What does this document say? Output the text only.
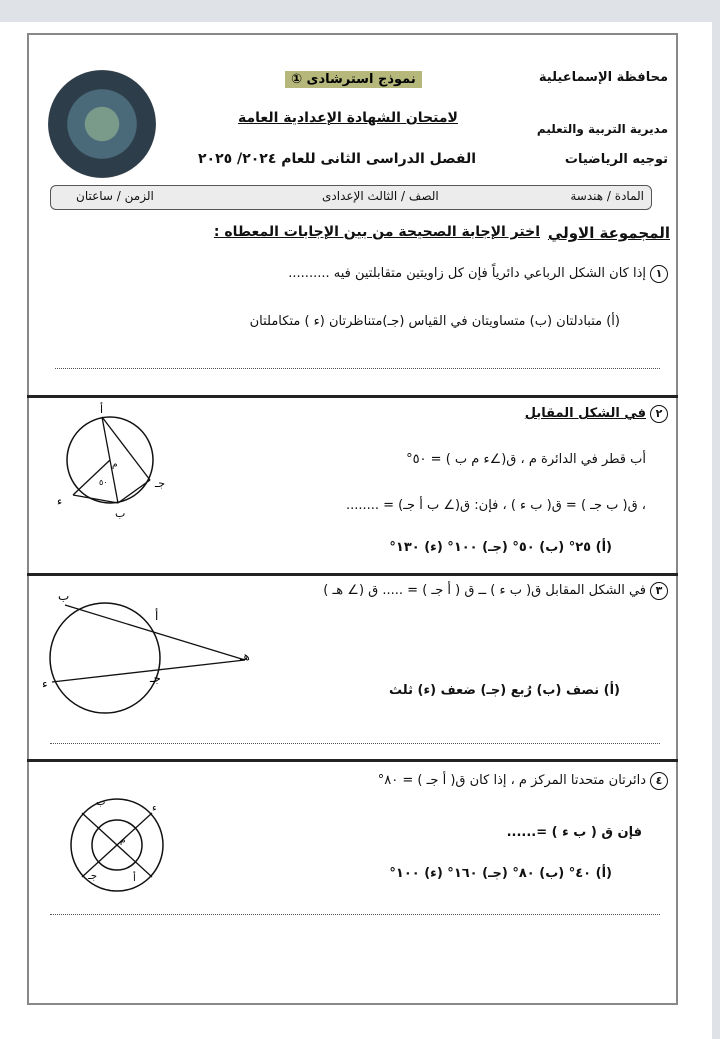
محافظة الإسماعيلية
مديرية التربية والتعليم
توجيه الرياضيات
نموذج استرشادى ①
لامتحان الشهادة الإعدادية العامة
الفصل الدراسى الثانى للعام ٢٠٢٤/ ٢٠٢٥
المادة / هندسة
الصف / الثالث الإعدادى
الزمن / ساعتان
المجموعة الاولي
اختر الإجابة الصحيحة من بين الإجابات المعطاه :
١إذا كان الشكل الرباعي دائرياً فإن كل زاويتين متقابلتين فيه ..........
(أ) متبادلتان (ب) متساويتان في القياس (جـ)متناظرتان (ء ) متكاملتان
٢في الشكل المقابل
أب قطر في الدائرة م ، ق(∠ء م ب ) = ٥٠°
، ق( ب جـ ) = ق( ب ء ) ، فإن: ق(∠ ب أ جـ) = ........
(أ) ٢٥° (ب) ٥٠° (جـ) ١٠٠° (ء) ١٣٠°
أ
ب
جـ
ء
م
٥٠
٣في الشكل المقابل ق( ب ء ) ــ ق ( أ جـ ) = ..... ق (∠ هـ )
(أ) نصف (ب) رُبع (جـ) ضعف (ء) ثلث
ب
أ
جـ
ء
هـ
٤دائرتان متحدتا المركز م ، إذا كان ق( أ جـ ) = ٨٠°
فإن ق ( ب ء ) =......
(أ) ٤٠° (ب) ٨٠° (جـ) ١٦٠° (ء) ١٠٠°
ب
ء
أ
جـ
م
